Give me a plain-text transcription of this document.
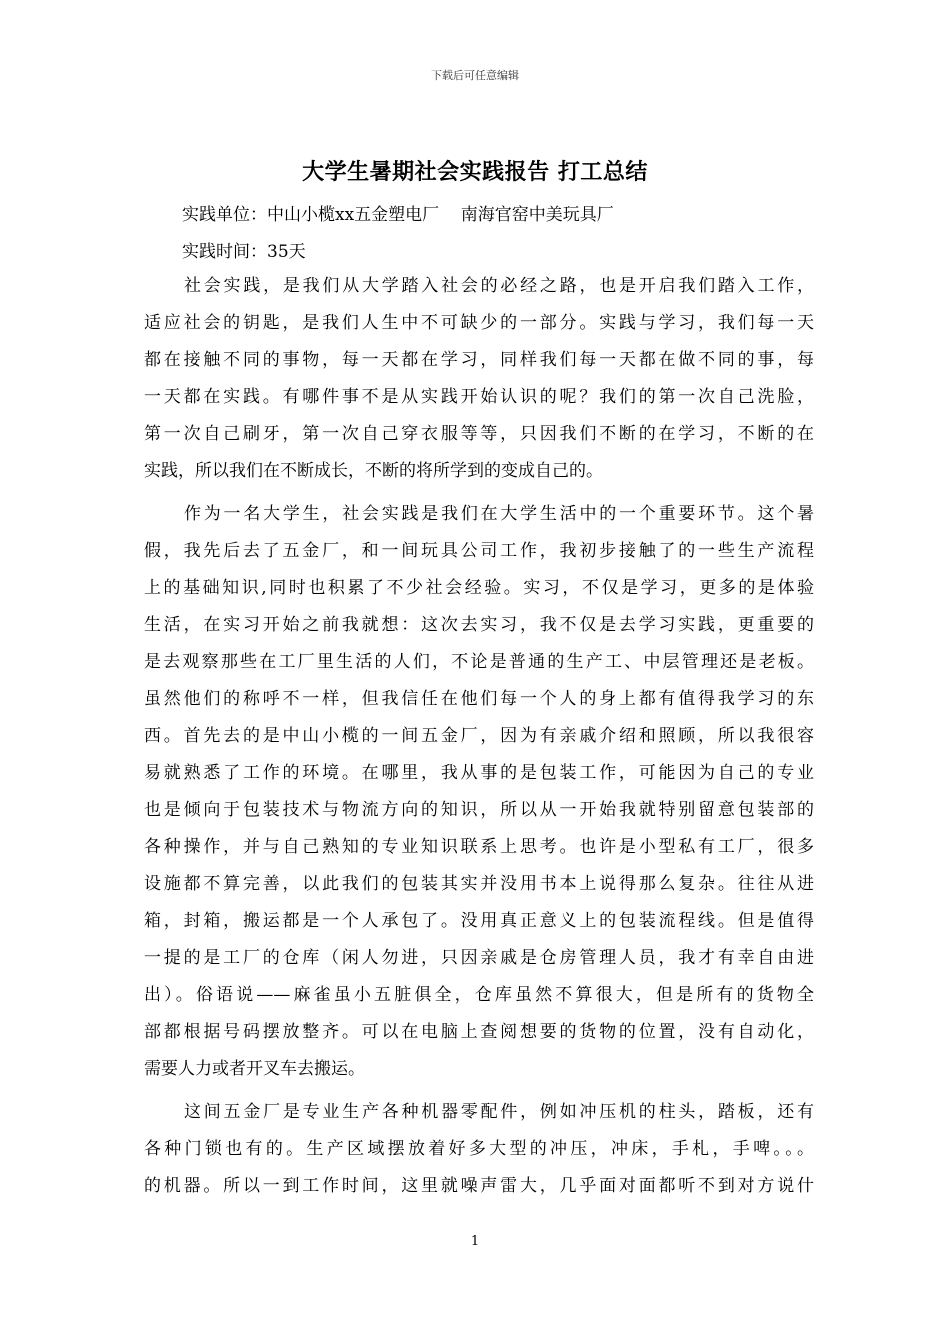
下载后可任意编辑
大学生暑期社会实践报告 打工总结
实践单位：中山小榄xx五金塑电厂    南海官窑中美玩具厂
实践时间：35天
社会实践，是我们从大学踏入社会的必经之路，也是开启我们踏入工作，
适应社会的钥匙，是我们人生中不可缺少的一部分。实践与学习，我们每一天
都在接触不同的事物，每一天都在学习，同样我们每一天都在做不同的事，每
一天都在实践。有哪件事不是从实践开始认识的呢？我们的第一次自己洗脸，
第一次自己刷牙，第一次自己穿衣服等等，只因我们不断的在学习，不断的在
实践，所以我们在不断成长，不断的将所学到的变成自己的。
作为一名大学生，社会实践是我们在大学生活中的一个重要环节。这个暑
假，我先后去了五金厂，和一间玩具公司工作，我初步接触了的一些生产流程
上的基础知识,同时也积累了不少社会经验。实习，不仅是学习，更多的是体验
生活，在实习开始之前我就想：这次去实习，我不仅是去学习实践，更重要的
是去观察那些在工厂里生活的人们，不论是普通的生产工、中层管理还是老板。
虽然他们的称呼不一样，但我信任在他们每一个人的身上都有值得我学习的东
西。首先去的是中山小榄的一间五金厂，因为有亲戚介绍和照顾，所以我很容
易就熟悉了工作的环境。在哪里，我从事的是包装工作，可能因为自己的专业
也是倾向于包装技术与物流方向的知识，所以从一开始我就特别留意包装部的
各种操作，并与自己熟知的专业知识联系上思考。也许是小型私有工厂，很多
设施都不算完善，以此我们的包装其实并没用书本上说得那么复杂。往往从进
箱，封箱，搬运都是一个人承包了。没用真正意义上的包装流程线。但是值得
一提的是工厂的仓库（闲人勿进，只因亲戚是仓房管理人员，我才有幸自由进
出）。俗语说——麻雀虽小五脏俱全，仓库虽然不算很大，但是所有的货物全
部都根据号码摆放整齐。可以在电脑上查阅想要的货物的位置，没有自动化，
需要人力或者开叉车去搬运。
这间五金厂是专业生产各种机器零配件，例如冲压机的柱头，踏板，还有
各种门锁也有的。生产区域摆放着好多大型的冲压，冲床，手札，手啤。。。
的机器。所以一到工作时间，这里就噪声雷大，几乎面对面都听不到对方说什
1
